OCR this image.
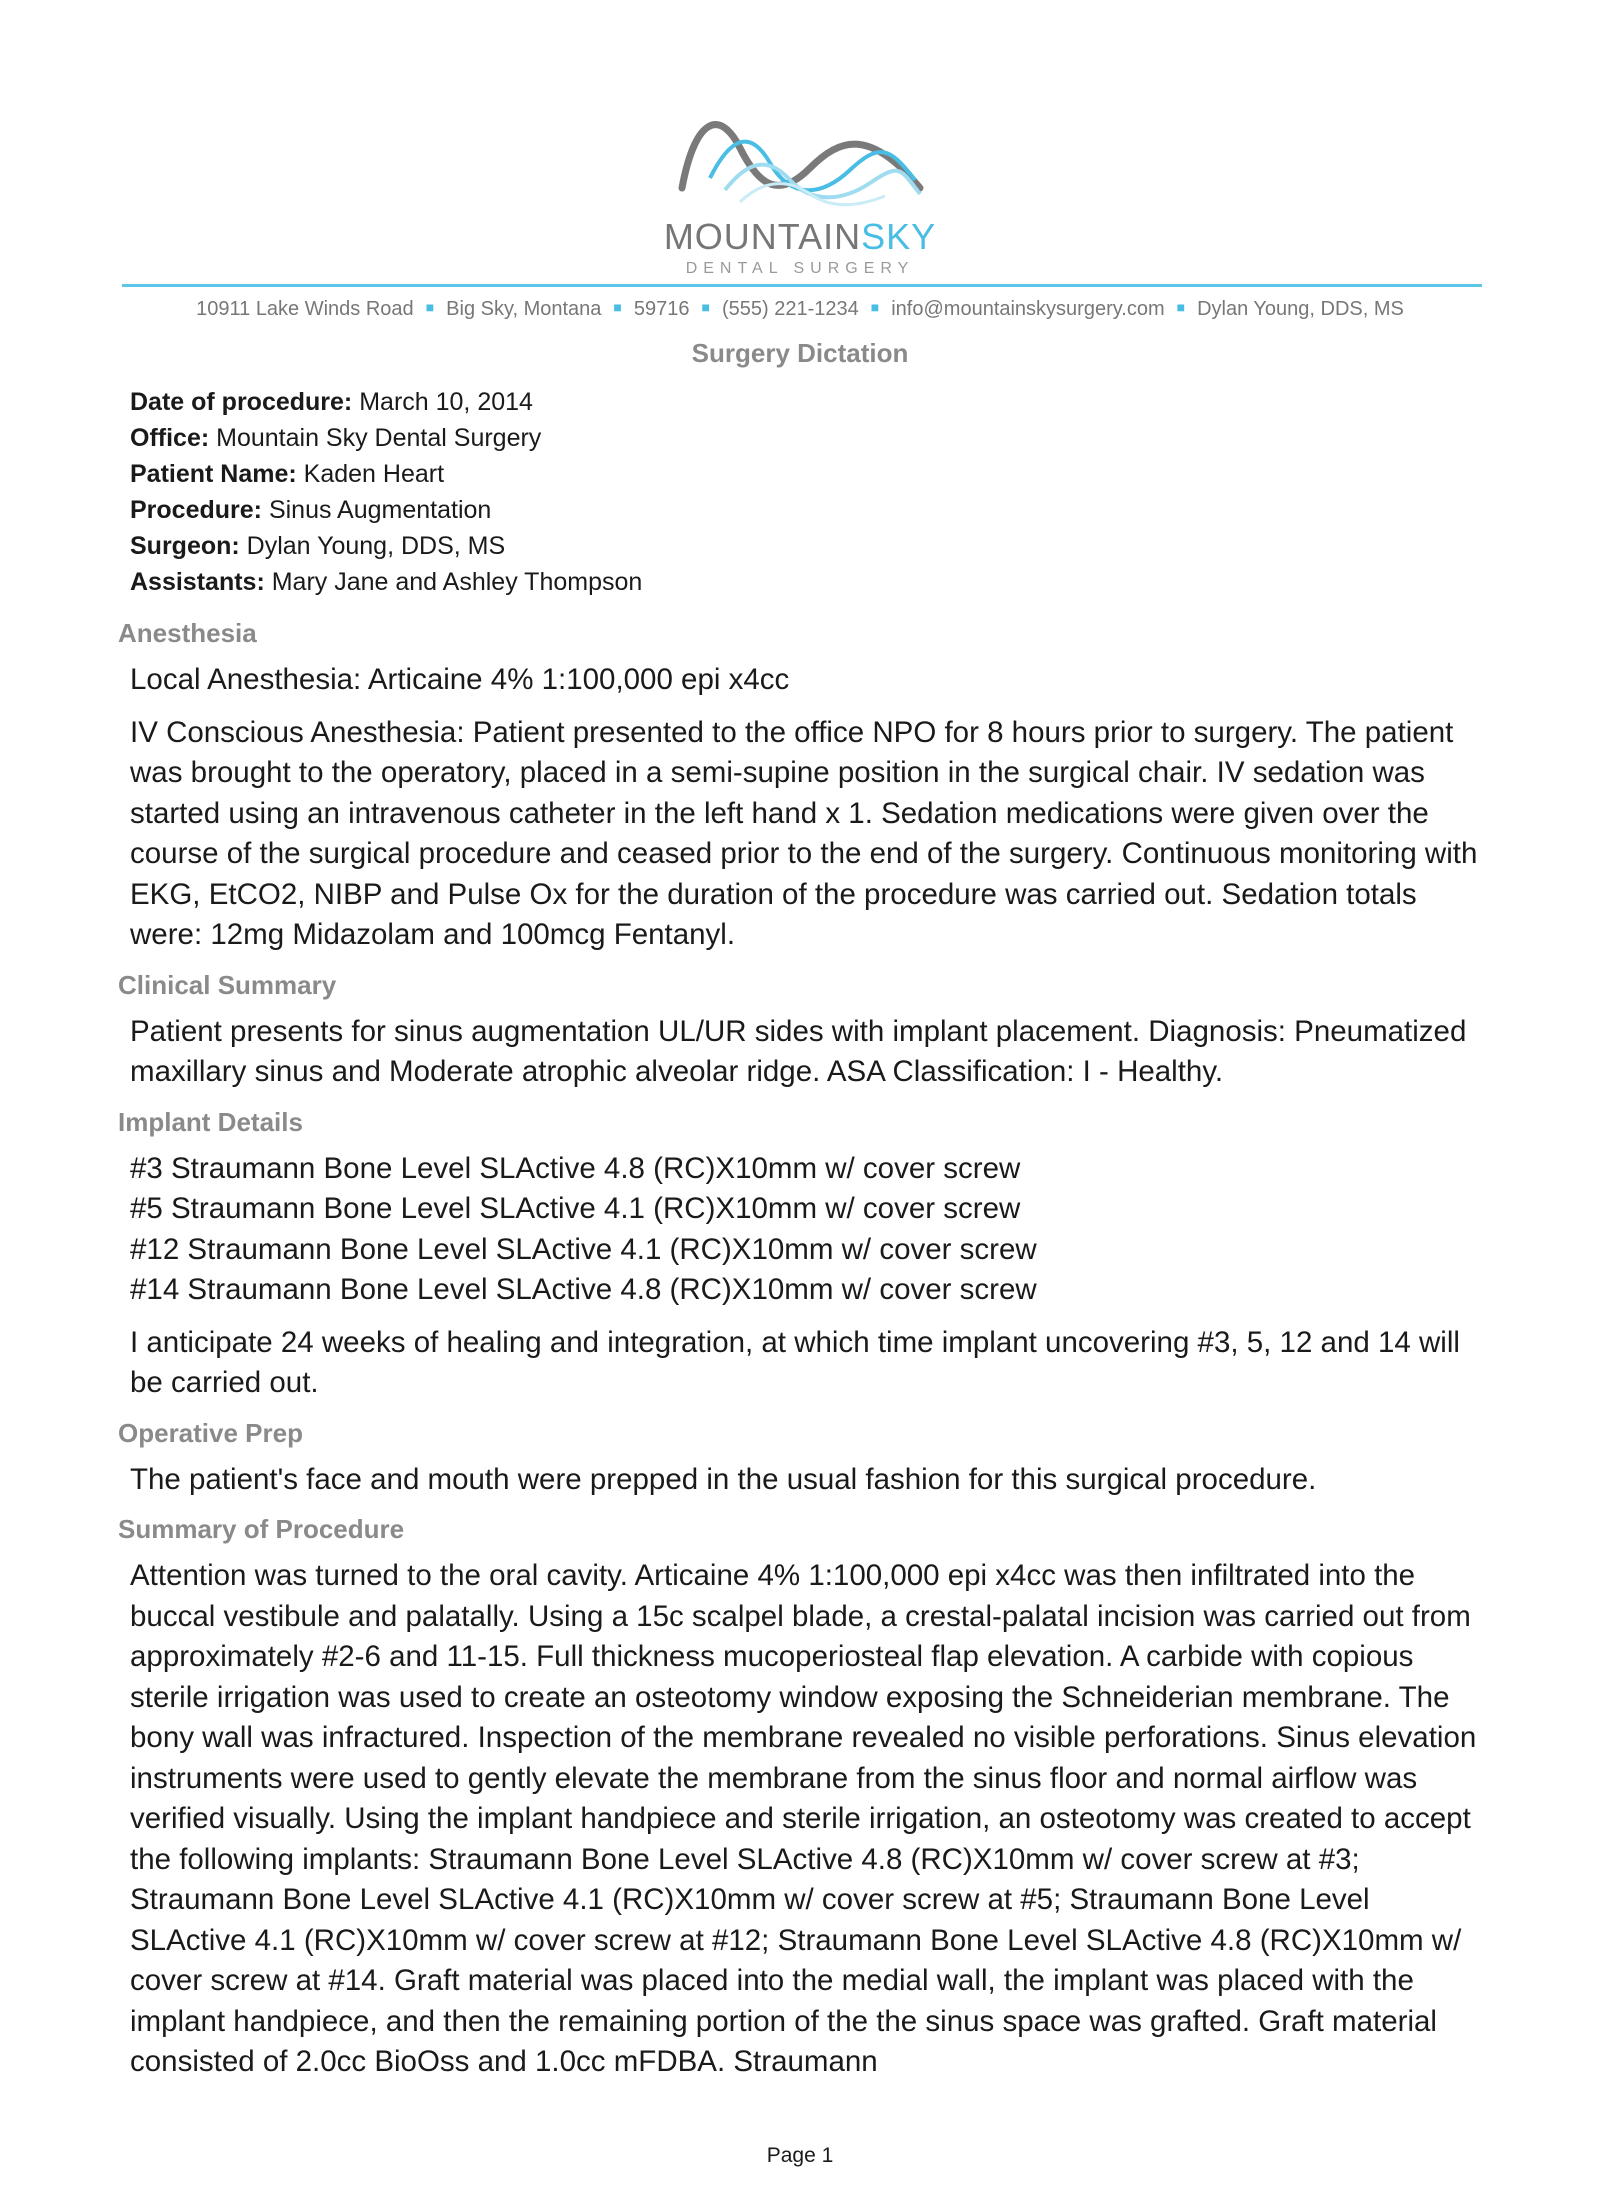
MOUNTAINSKY
DENTAL SURGERY
10911 Lake Winds Road ■ Big Sky, Montana ■ 59716 ■ (555) 221-1234 ■ info@mountainskysurgery.com ■ Dylan Young, DDS, MS
Surgery Dictation
Date of procedure: March 10, 2014
Office: Mountain Sky Dental Surgery
Patient Name: Kaden Heart
Procedure: Sinus Augmentation
Surgeon: Dylan Young, DDS, MS
Assistants: Mary Jane and Ashley Thompson
Anesthesia

Local Anesthesia: Articaine 4% 1:100,000 epi x4cc

IV Conscious Anesthesia: Patient presented to the office NPO for 8 hours prior to surgery. The patient was brought to the operatory, placed in a semi-supine position in the surgical chair. IV sedation was started using an intravenous catheter in the left hand x 1. Sedation medications were given over the course of the surgical procedure and ceased prior to the end of the surgery. Continuous monitoring with EKG, EtCO2, NIBP and Pulse Ox for the duration of the procedure was carried out. Sedation totals were: 12mg Midazolam and 100mcg Fentanyl.

Clinical Summary

Patient presents for sinus augmentation UL/UR sides with implant placement. Diagnosis: Pneumatized maxillary sinus and Moderate atrophic alveolar ridge. ASA Classification: I - Healthy.

Implant Details
#3 Straumann Bone Level SLActive 4.8 (RC)X10mm w/ cover screw
#5 Straumann Bone Level SLActive 4.1 (RC)X10mm w/ cover screw
#12 Straumann Bone Level SLActive 4.1 (RC)X10mm w/ cover screw
#14 Straumann Bone Level SLActive 4.8 (RC)X10mm w/ cover screw

I anticipate 24 weeks of healing and integration, at which time implant uncovering #3, 5, 12 and 14 will be carried out.

Operative Prep

The patient's face and mouth were prepped in the usual fashion for this surgical procedure.

Summary of Procedure

Attention was turned to the oral cavity. Articaine 4% 1:100,000 epi x4cc was then infiltrated into the buccal vestibule and palatally. Using a 15c scalpel blade, a crestal-palatal incision was carried out from approximately #2-6 and 11-15. Full thickness mucoperiosteal flap elevation. A carbide with copious sterile irrigation was used to create an osteotomy window exposing the Schneiderian membrane. The bony wall was infractured. Inspection of the membrane revealed no visible perforations. Sinus elevation instruments were used to gently elevate the membrane from the sinus floor and normal airflow was verified visually. Using the implant handpiece and sterile irrigation, an osteotomy was created to accept the following implants: Straumann Bone Level SLActive 4.8 (RC)X10mm w/ cover screw at #3; Straumann Bone Level SLActive 4.1 (RC)X10mm w/ cover screw at #5; Straumann Bone Level SLActive 4.1 (RC)X10mm w/ cover screw at #12; Straumann Bone Level SLActive 4.8 (RC)X10mm w/ cover screw at #14. Graft material was placed into the medial wall, the implant was placed with the implant handpiece, and then the remaining portion of the the sinus space was grafted. Graft material consisted of 2.0cc BioOss and 1.0cc mFDBA. Straumann

Page 1
